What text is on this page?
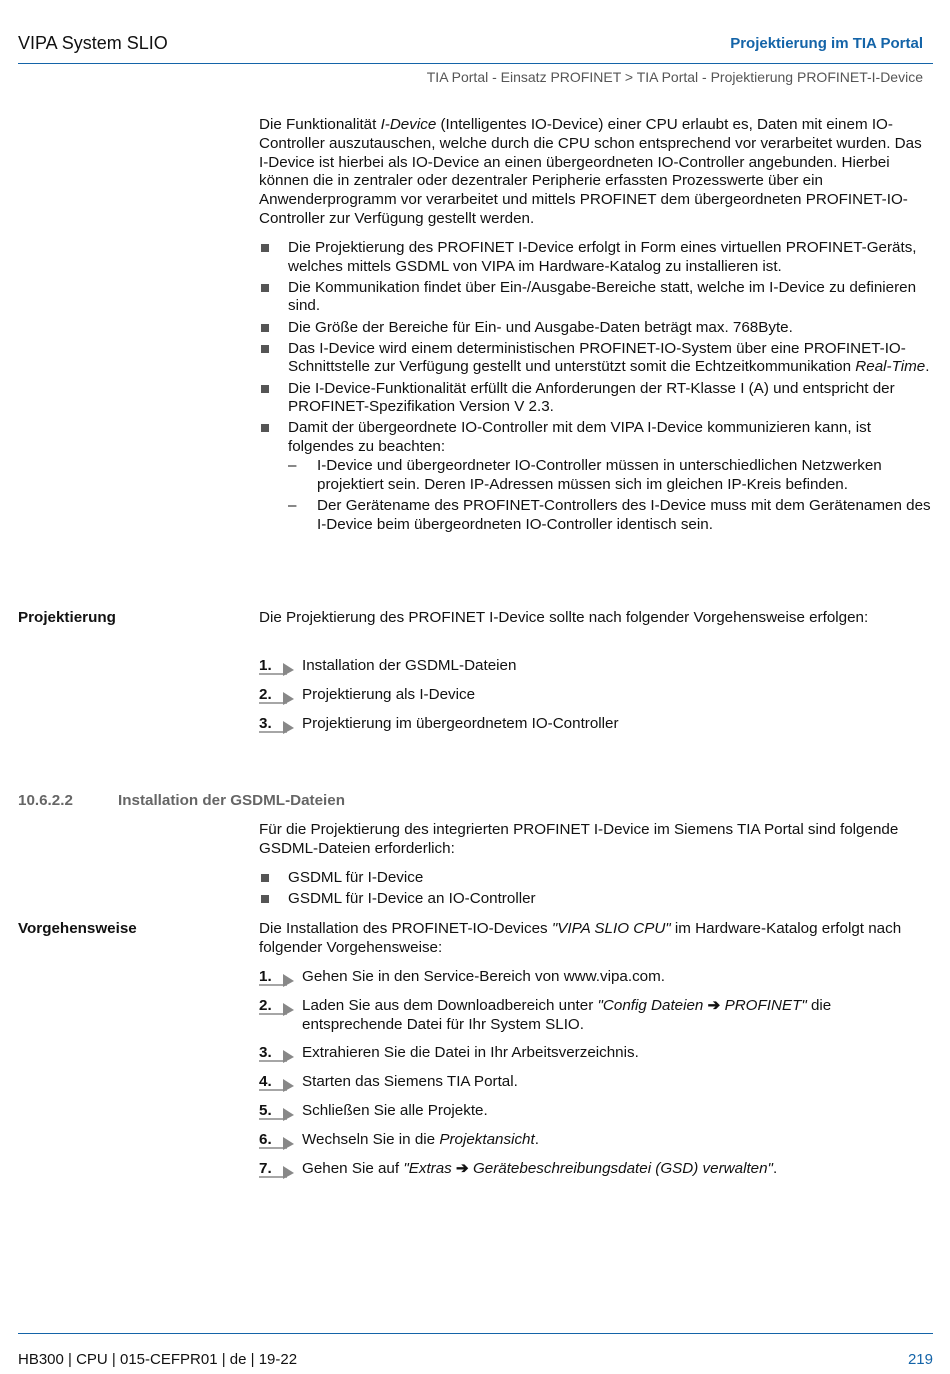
VIPA System SLIO	Projektierung im TIA Portal
TIA Portal - Einsatz PROFINET > TIA Portal - Projektierung PROFINET-I-Device

Die Funktionalität I-Device (Intelligentes IO-Device) einer CPU erlaubt es, Daten mit einem IO-Controller auszutauschen, welche durch die CPU schon entsprechend vor verarbeitet wurden. Das I-Device ist hierbei als IO-Device an einen übergeordneten IO-Controller angebunden. Hierbei können die in zentraler oder dezentraler Peripherie erfassten Prozesswerte über ein Anwenderprogramm vor verarbeitet und mittels PROFINET dem übergeordneten PROFINET-IO-Controller zur Verfügung gestellt werden.

Die Projektierung des PROFINET I-Device erfolgt in Form eines virtuellen PROFINET-Geräts, welches mittels GSDML von VIPA im Hardware-Katalog zu installieren ist.
Die Kommunikation findet über Ein-/Ausgabe-Bereiche statt, welche im I-Device zu definieren sind.
Die Größe der Bereiche für Ein- und Ausgabe-Daten beträgt max. 768Byte.
Das I-Device wird einem deterministischen PROFINET-IO-System über eine PROFINET-IO-Schnittstelle zur Verfügung gestellt und unterstützt somit die Echtzeitkommunikation Real-Time.
Die I-Device-Funktionalität erfüllt die Anforderungen der RT-Klasse I (A) und entspricht der PROFINET-Spezifikation Version V 2.3.
Damit der übergeordnete IO-Controller mit dem VIPA I-Device kommunizieren kann, ist folgendes zu beachten:
– I-Device und übergeordneter IO-Controller müssen in unterschiedlichen Netzwerken projektiert sein. Deren IP-Adressen müssen sich im gleichen IP-Kreis befinden.
– Der Gerätename des PROFINET-Controllers des I-Device muss mit dem Gerätenamen des I-Device beim übergeordneten IO-Controller identisch sein.
Projektierung	Die Projektierung des PROFINET I-Device sollte nach folgender Vorgehensweise erfolgen:
1. Installation der GSDML-Dateien
2. Projektierung als I-Device
3. Projektierung im übergeordnetem IO-Controller
10.6.2.2	Installation der GSDML-Dateien

Für die Projektierung des integrierten PROFINET I-Device im Siemens TIA Portal sind folgende GSDML-Dateien erforderlich:

GSDML für I-Device
GSDML für I-Device an IO-Controller
Vorgehensweise	Die Installation des PROFINET-IO-Devices "VIPA SLIO CPU" im Hardware-Katalog erfolgt nach folgender Vorgehensweise:
1. Gehen Sie in den Service-Bereich von www.vipa.com.
2. Laden Sie aus dem Downloadbereich unter "Config Dateien ➔ PROFINET" die entsprechende Datei für Ihr System SLIO.
3. Extrahieren Sie die Datei in Ihr Arbeitsverzeichnis.
4. Starten das Siemens TIA Portal.
5. Schließen Sie alle Projekte.
6. Wechseln Sie in die Projektansicht.
7. Gehen Sie auf "Extras ➔ Gerätebeschreibungsdatei (GSD) verwalten".
HB300 | CPU | 015-CEFPR01 | de | 19-22	219
